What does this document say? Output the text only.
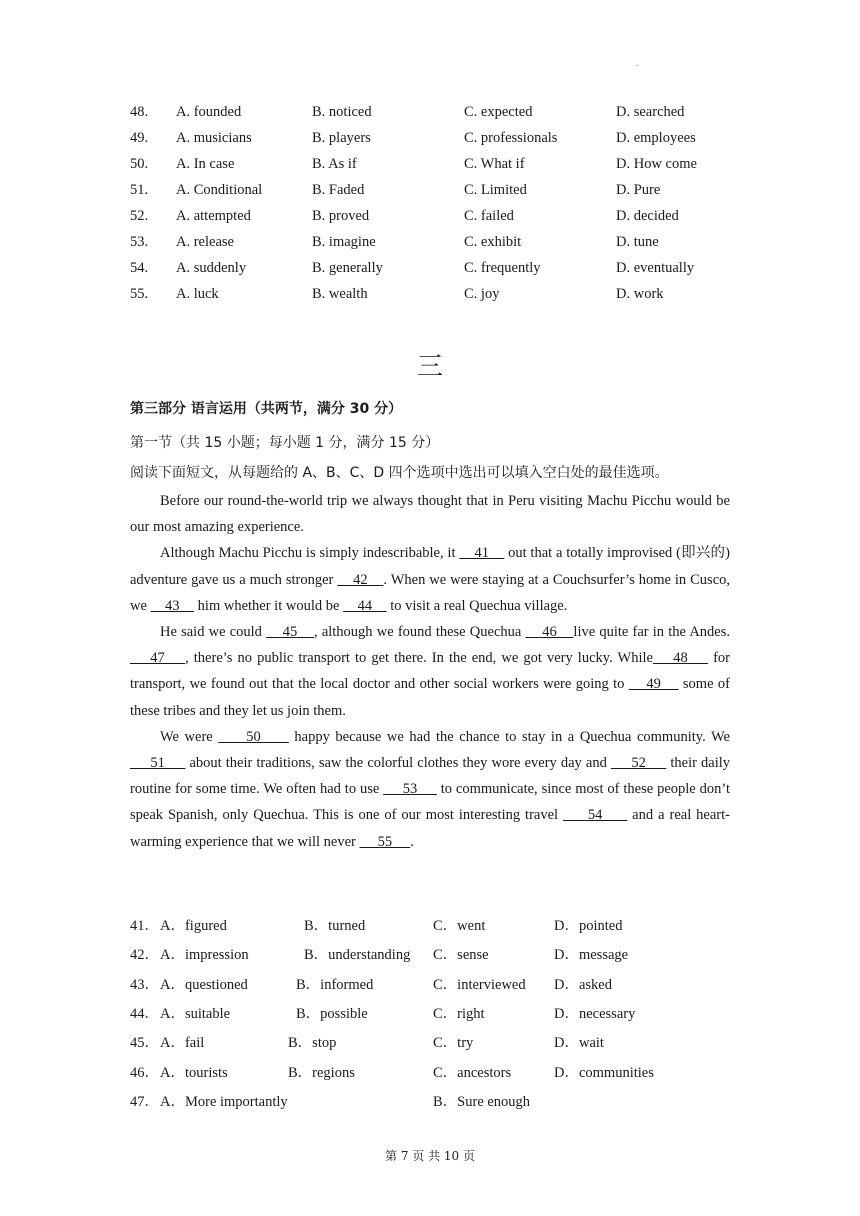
.
48. A. founded	B. noticed	C. expected	D. searched
49. A. musicians	B. players	C. professionals	D. employees
50. A. In case	B. As if	C. What if	D. How come
51. A. Conditional	B. Faded	C. Limited	D. Pure
52. A. attempted	B. proved	C. failed	D. decided
53. A. release	B. imagine	C. exhibit	D. tune
54. A. suddenly	B. generally	C. frequently	D. eventually
55. A. luck	B. wealth	C. joy	D. work
三
第三部分 语言运用（共两节，满分 30 分）
第一节（共 15 小题；每小题 1 分，满分 15 分）
阅读下面短文，从每题给的 A、B、C、D 四个选项中选出可以填入空白处的最佳选项。

Before our round-the-world trip we always thought that in Peru visiting Machu Picchu would be our most amazing experience.

Although Machu Picchu is simply indescribable, it     41     out that a totally improvised (即兴的) adventure gave us a much stronger     42    . When we were staying at a Couchsurfer’s home in Cusco, we     43     him whether it would be     44     to visit a real Quechua village.

He said we could     45    , although we found these Quechua     46    live quite far in the Andes.     47    , there’s no public transport to get there. In the end, we got very lucky. While    48     for transport, we found out that the local doctor and other social workers were going to     49     some of these tribes and they let us join them.

We were      50      happy because we had the chance to stay in a Quechua community. We      51      about their traditions, saw the colorful clothes they wore every day and      52      their daily routine for some time. We often had to use      53      to communicate, since most of these people don’t speak Spanish, only Quechua. This is one of our most interesting travel      54      and a real heart-warming experience that we will never      55     .

41． A．figured	B．turned	C．went	D．pointed
42． A．impression	B．understanding C．sense	D．message
43． A．questioned	B．informed	C．interviewed D．asked
44． A．suitable	B．possible	C．right	D．necessary
45． A．fail	B．stop	C．try	D．wait
46． A．tourists	B．regions	C．ancestors	D．communities
47． A．More importantly	B．Sure enough
第 7 页 共 10 页
